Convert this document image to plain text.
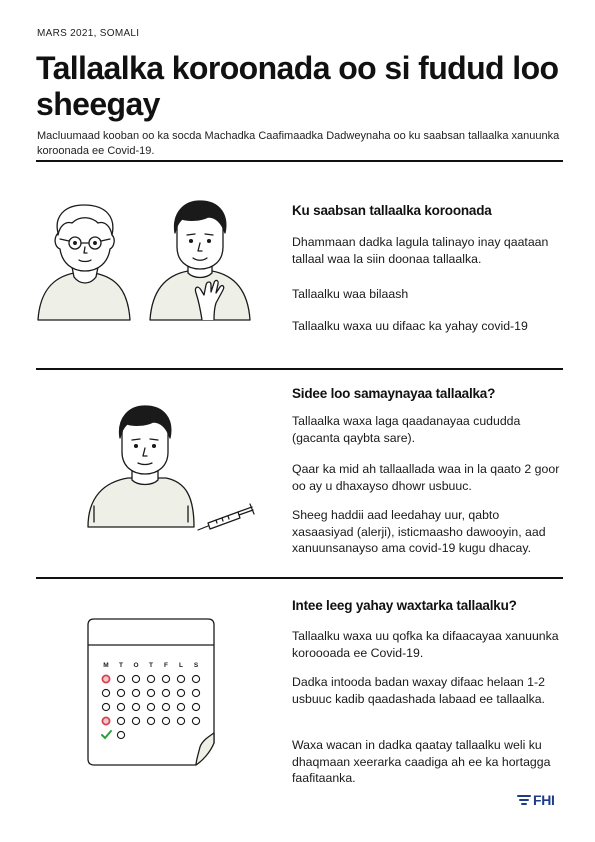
MARS 2021, SOMALI
Tallaalka koroonada oo si fudud loo sheegay
Macluumaad kooban oo ka socda Machadka Caafimaadka Dadweynaha oo ku saabsan tallaalka xanuunka koroonada ee Covid-19.
Ku saabsan tallaalka koroonada
Dhammaan dadka lagula talinayo inay qaataan tallaal waa la siin doonaa tallaalka.
Tallaalku waa bilaash
Tallaalku waxa uu difaac ka yahay covid-19
Sidee loo samaynayaa tallaalka?
Tallaalka waxa laga qaadanayaa cududda (gacanta qaybta sare).
Qaar ka mid ah tallaallada waa in la qaato 2 goor oo ay u dhaxayso dhowr usbuuc.
Sheeg haddii aad leedahay uur, qabto xasaasiyad (alerji), isticmaasho dawooyin, aad xanuunsanayso ama covid-19 kugu dhacay.
M T O T F L S
Intee leeg yahay waxtarka tallaalku?
Tallaalku waxa uu qofka ka difaacayaa xanuunka koroooada ee Covid-19.
Dadka intooda badan waxay difaac helaan 1-2 usbuuc kadib qaadashada labaad ee tallaalka.
Waxa wacan in dadka qaatay tallaalku weli ku dhaqmaan xeerarka caadiga ah ee ka hortagga faafitaanka.
FHI
